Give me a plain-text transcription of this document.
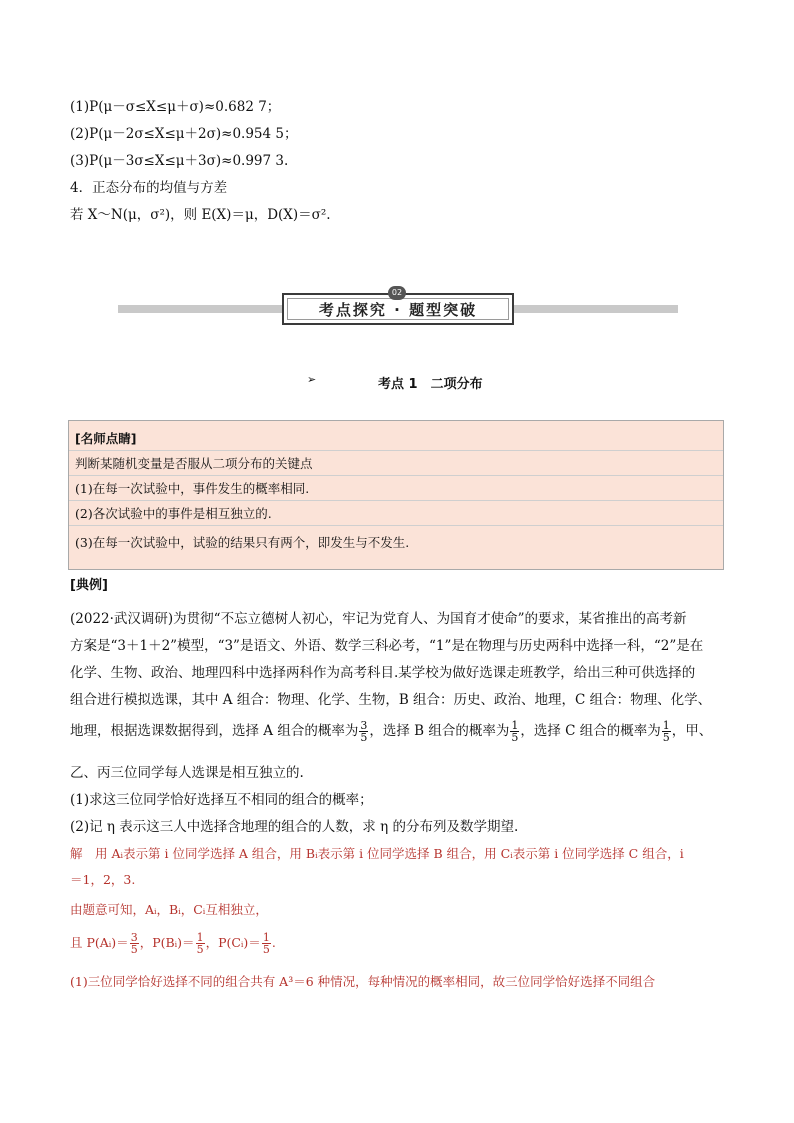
(1)P(μ－σ≤X≤μ＋σ)≈0.682 7；
(2)P(μ－2σ≤X≤μ＋2σ)≈0.954 5；
(3)P(μ－3σ≤X≤μ＋3σ)≈0.997 3.
4．正态分布的均值与方差
若 X～N(μ，σ²)，则 E(X)＝μ，D(X)＝σ².
考点探究 · 题型突破
02
➢	考点 1　二项分布
[名师点睛]
判断某随机变量是否服从二项分布的关键点
(1)在每一次试验中，事件发生的概率相同.
(2)各次试验中的事件是相互独立的.
(3)在每一次试验中，试验的结果只有两个，即发生与不发生.
[典例]
(2022·武汉调研)为贯彻“不忘立德树人初心，牢记为党育人、为国育才使命”的要求，某省推出的高考新
方案是“3＋1＋2”模型，“3”是语文、外语、数学三科必考，“1”是在物理与历史两科中选择一科，“2”是在
化学、生物、政治、地理四科中选择两科作为高考科目.某学校为做好选课走班教学，给出三种可供选择的
组合进行模拟选课，其中 A 组合：物理、化学、生物，B 组合：历史、政治、地理，C 组合：物理、化学、
地理，根据选课数据得到，选择 A 组合的概率为 $\frac{3}{5}$ ，选择 B 组合的概率为 $\frac{1}{5}$ ，选择 C 组合的概率为 $\frac{1}{5}$ ，甲、
乙、丙三位同学每人选课是相互独立的.
(1)求这三位同学恰好选择互不相同的组合的概率；
(2)记 η 表示这三人中选择含地理的组合的人数，求 η 的分布列及数学期望.
解　用 Aᵢ表示第 i 位同学选择 A 组合，用 Bᵢ表示第 i 位同学选择 B 组合，用 Cᵢ表示第 i 位同学选择 C 组合，i
＝1，2，3.
由题意可知，Aᵢ，Bᵢ，Cᵢ互相独立，
且 P(Aᵢ)＝ $\frac{3}{5}$ ，P(Bᵢ)＝ $\frac{1}{5}$ ，P(Cᵢ)＝ $\frac{1}{5}$ .
(1)三位同学恰好选择不同的组合共有 A³＝6 种情况，每种情况的概率相同，故三位同学恰好选择不同组合
